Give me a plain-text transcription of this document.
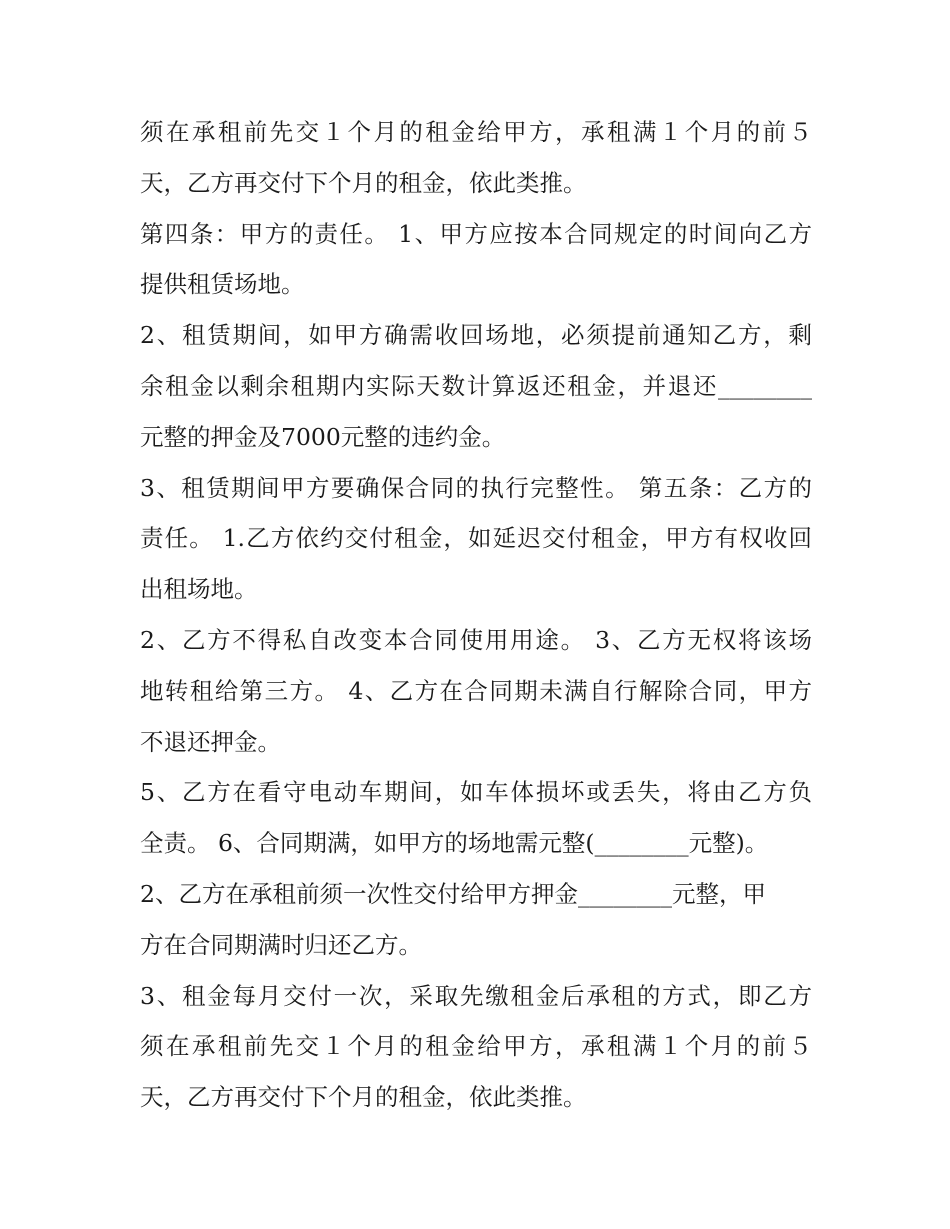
须在承租前先交１个月的租金给甲方，承租满１个月的前５
天，乙方再交付下个月的租金，依此类推。
第四条：甲方的责任。 1、甲方应按本合同规定的时间向乙方
提供租赁场地。
2、租赁期间，如甲方确需收回场地，必须提前通知乙方，剩
余租金以剩余租期内实际天数计算返还租金，并退还________
元整的押金及7000元整的违约金。
3、租赁期间甲方要确保合同的执行完整性。 第五条：乙方的
责任。 1.乙方依约交付租金，如延迟交付租金，甲方有权收回
出租场地。
2、乙方不得私自改变本合同使用用途。 3、乙方无权将该场
地转租给第三方。 4、乙方在合同期未满自行解除合同，甲方
不退还押金。
5、乙方在看守电动车期间，如车体损坏或丢失，将由乙方负
全责。 6、合同期满，如甲方的场地需元整(________元整)。
2、乙方在承租前须一次性交付给甲方押金________元整，甲
方在合同期满时归还乙方。
3、租金每月交付一次，采取先缴租金后承租的方式，即乙方
须在承租前先交１个月的租金给甲方，承租满１个月的前５
天，乙方再交付下个月的租金，依此类推。
